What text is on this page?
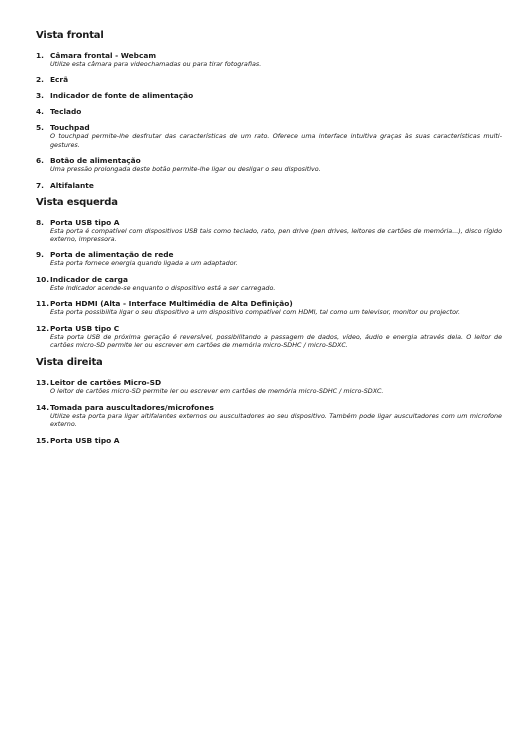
Vista frontal
1. Câmara frontal - Webcam
Utilize esta câmara para videochamadas ou para tirar fotografias.
2. Ecrã
3. Indicador de fonte de alimentação
4. Teclado
5. Touchpad
O touchpad permite-lhe desfrutar das características de um rato. Oferece uma interface intuitiva graças às suas características multi-gestures.
6. Botão de alimentação
Uma pressão prolongada deste botão permite-lhe ligar ou desligar o seu dispositivo.
7. Altifalante
Vista esquerda
8. Porta USB tipo A
Esta porta é compatível com dispositivos USB tais como teclado, rato, pen drive (pen drives, leitores de cartões de memória...), disco rígido externo, impressora.
9. Porta de alimentação de rede
Esta porta fornece energia quando ligada a um adaptador.
10. Indicador de carga
Este indicador acende-se enquanto o dispositivo está a ser carregado.
11. Porta HDMI (Alta - Interface Multimédia de Alta Definição)
Esta porta possibilita ligar o seu dispositivo a um dispositivo compatível com HDMI, tal como um televisor, monitor ou projector.
12. Porta USB tipo C
Esta porta USB de próxima geração é reversível, possibilitando a passagem de dados, vídeo, áudio e energia através dela. O leitor de cartões micro-SD permite ler ou escrever em cartões de memória micro-SDHC / micro-SDXC.
Vista direita
13. Leitor de cartões Micro-SD
O leitor de cartões micro-SD permite ler ou escrever em cartões de memória micro-SDHC / micro-SDXC.
14. Tomada para auscultadores/microfones
Utilize esta porta para ligar altifalantes externos ou auscultadores ao seu dispositivo. Também pode ligar auscultadores com um microfone externo.
15. Porta USB tipo A
